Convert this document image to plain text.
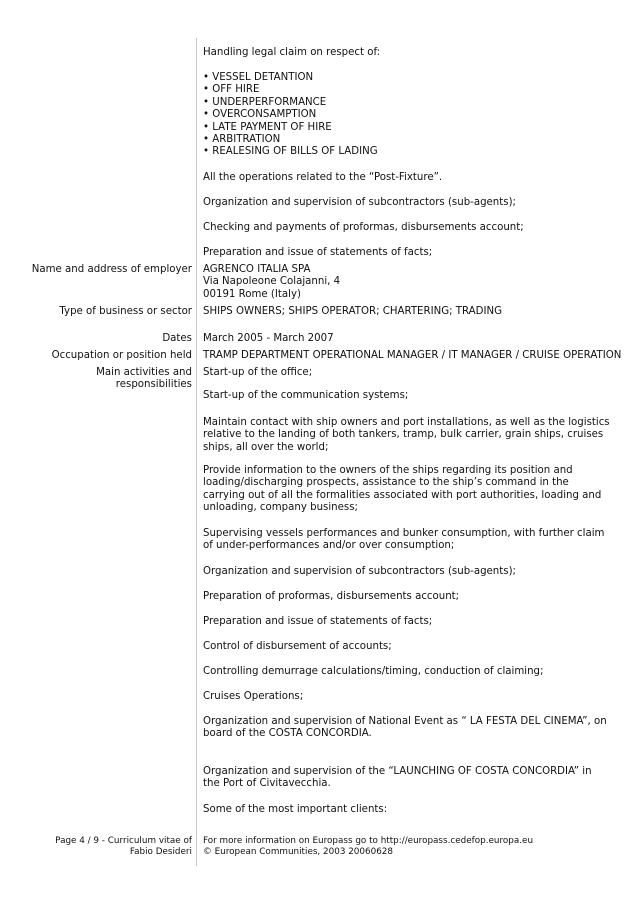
Handling legal claim on respect of:
• VESSEL DETANTION
• OFF HIRE
• UNDERPERFORMANCE
• OVERCONSAMPTION
• LATE PAYMENT OF HIRE
• ARBITRATION
• REALESING OF BILLS OF LADING
All the operations related to the “Post-Fixture”.
Organization and supervision of subcontractors (sub-agents);
Checking and payments of proformas, disbursements account;
Preparation and issue of statements of facts;
Name and address of employer AGRENCO ITALIA SPA
Via Napoleone Colajanni, 4
00191 Rome (Italy)
Type of business or sector SHIPS OWNERS; SHIPS OPERATOR; CHARTERING; TRADING
Dates March 2005 - March 2007
Occupation or position held TRAMP DEPARTMENT OPERATIONAL MANAGER / IT MANAGER / CRUISE OPERATION
Main activities and
responsibilities
Start-up of the office;
Start-up of the communication systems;
Maintain contact with ship owners and port installations, as well as the logistics relative to the landing of both tankers, tramp, bulk carrier, grain ships, cruises ships, all over the world;
Provide information to the owners of the ships regarding its position and loading/discharging prospects, assistance to the ship’s command in the carrying out of all the formalities associated with port authorities, loading and unloading, company business;
Supervising vessels performances and bunker consumption, with further claim of under-performances and/or over consumption;
Organization and supervision of subcontractors (sub-agents);
Preparation of proformas, disbursements account;
Preparation and issue of statements of facts;
Control of disbursement of accounts;
Controlling demurrage calculations/timing, conduction of claiming;
Cruises Operations;
Organization and supervision of National Event as “ LA FESTA DEL CINEMA”, on board of the COSTA CONCORDIA.
Organization and supervision of the “LAUNCHING OF COSTA CONCORDIA” in the Port of Civitavecchia.
Some of the most important clients:
Page 4 / 9 - Curriculum vitae of
Fabio Desideri
For more information on Europass go to http://europass.cedefop.europa.eu
© European Communities, 2003 20060628
